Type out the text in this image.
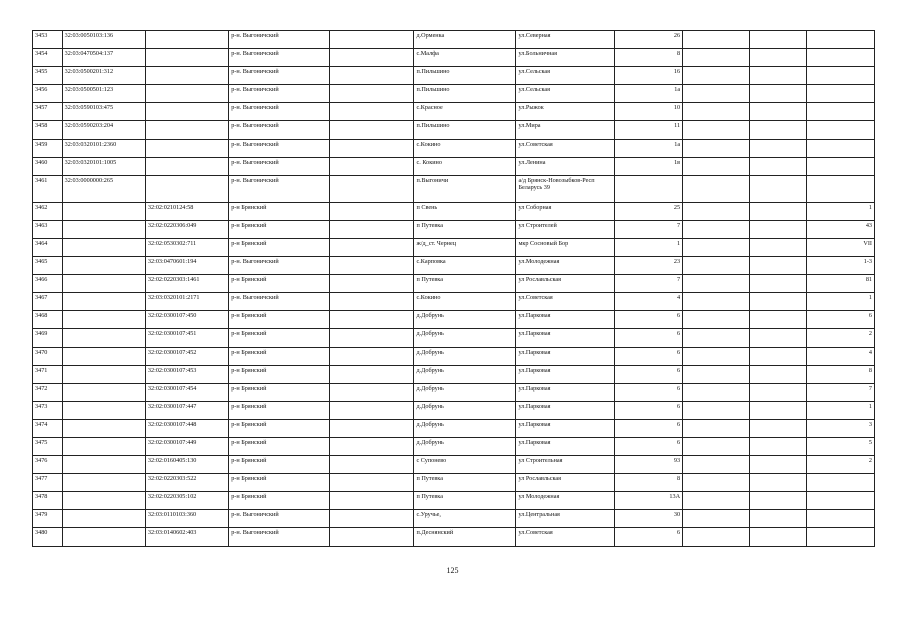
3453	32:03:0050103:136		р-н. Выгоничский		д.Орменка	ул.Северная	26			
3454	32:03:0470504:137		р-н. Выгоничский		с.Малфа	ул.Больничная	8			
3455	32:03:0500201:312		р-н. Выгоничский		п.Пильшино	ул.Сельская	16			
3456	32:03:0500501:123		р-н. Выгоничский		п.Пильшино	ул.Сельская	1а			
3457	32:03:0590103:475		р-н. Выгоничский		с.Красное	ул.Рыжок	10			
3458	32:03:0590203:204		р-н. Выгоничский		п.Пильшино	ул.Мира	11			
3459	32:03:0320101:2360		р-н. Выгоничский		с.Кокино	ул.Советская	1а			
3460	32:03:0320101:1005		р-н. Выгоничский		с. Кокино	ул.Ленина	1в			
3461	32:03:0000000:265		р-н. Выгоничский		п.Выгоничи	а/д Брянск-Новозыбков-Респ Беларусь 39				
3462		32:02:0210124:58	р-н Брянский		п Свень	ул Соборная	25			1
3463		32:02:0220306:049	р-н Брянский		п Путевка	ул Строителей	7			43
3464		32:02:0530302:711	р-н Брянский		ж/д_ст. Чернец	мкр Сосновый Бор	1			VII
3465		32:03:0470601:194	р-н. Выгоничский		с.Карповка	ул.Молодежная	23			1-3
3466		32:02:0220303:1461	р-н Брянский		п Путевка	ул Рославльская	7			81
3467		32:03:0320101:2171	р-н. Выгоничский		с.Кокино	ул.Советская	4			1
3468		32:02:0300107:450	р-н Брянский		д.Добрунь	ул.Парковая	6			6
3469		32:02:0300107:451	р-н Брянский		д.Добрунь	ул.Парковая	6			2
3470		32:02:0300107:452	р-н Брянский		д.Добрунь	ул.Парковая	6			4
3471		32:02:0300107:453	р-н Брянский		д.Добрунь	ул.Парковая	6			8
3472		32:02:0300107:454	р-н Брянский		д.Добрунь	ул.Парковая	6			7
3473		32:02:0300107:447	р-н Брянский		д.Добрунь	ул.Парковая	6			1
3474		32:02:0300107:448	р-н Брянский		д.Добрунь	ул.Парковая	6			3
3475		32:02:0300107:449	р-н Брянский		д.Добрунь	ул.Парковая	6			5
3476		32:02:0160405:130	р-н Брянский		с Супонево	ул Строительная	93			2
3477		32:02:0220303:522	р-н Брянский		п Путевка	ул Рославльская	8			
3478		32:02:0220305:102	р-н Брянский		п Путевка	ул Молодежная	13А			
3479		32:03:0110103:360	р-н. Выгоничский		с.Уручье,	ул.Центральная	30			
3480		32:03:0140602:403	р-н. Выгоничский		п.Деснянский	ул.Советская	6			
125
